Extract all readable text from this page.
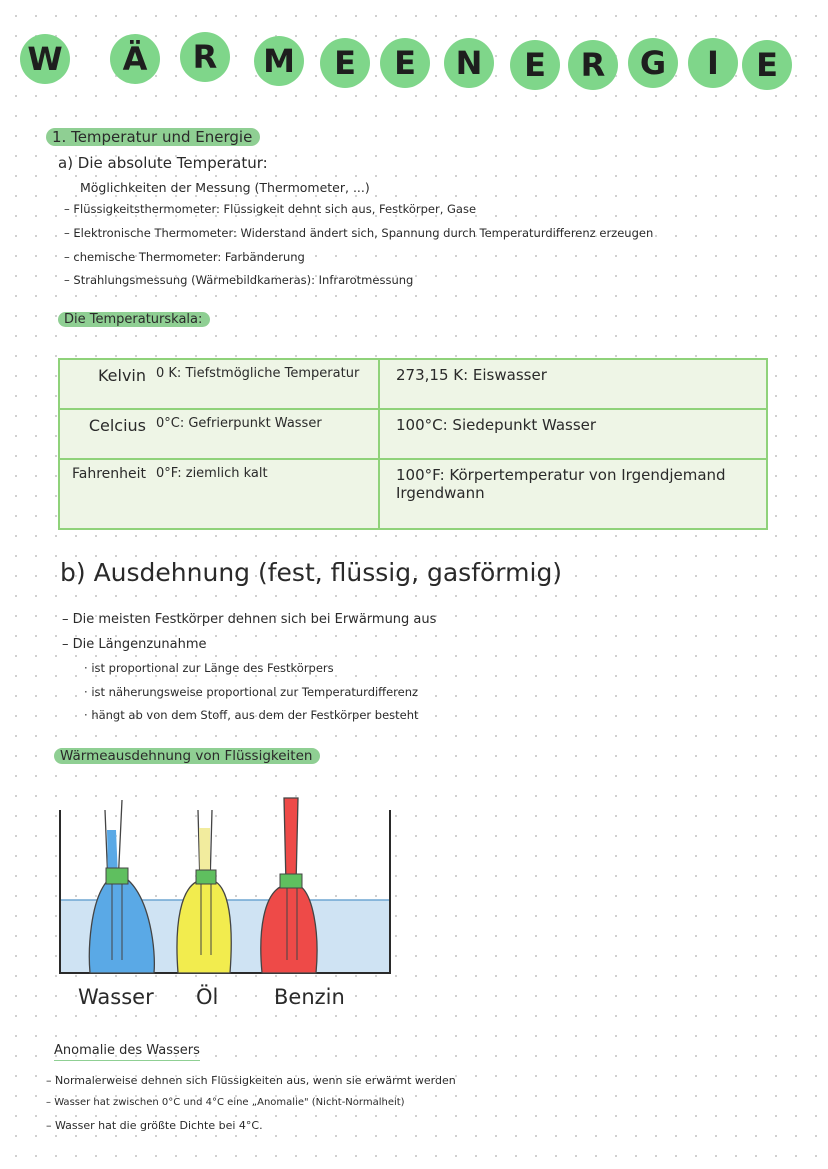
W Ä R M E E N E R G I E
1. Temperatur und Energie
a) Die absolute Temperatur:
Möglichkeiten der Messung (Thermometer, ...)
– Flüssigkeitsthermometer: Flüssigkeit dehnt sich aus, Festkörper, Gase
– Elektronische Thermometer: Widerstand ändert sich, Spannung durch Temperaturdifferenz erzeugen
– chemische Thermometer: Farbänderung
– Strahlungsmessung (Wärmebildkameras): Infrarotmessung
Die Temperaturskala:
Kelvin	0 K: Tiefstmögliche Temperatur	273,15 K: Eiswasser
Celcius	0°C: Gefrierpunkt Wasser	100°C: Siedepunkt Wasser
Fahrenheit	0°F: ziemlich kalt	100°F: Körpertemperatur von Irgendjemand Irgendwann
b) Ausdehnung (fest, flüssig, gasförmig)
– Die meisten Festkörper dehnen sich bei Erwärmung aus
– Die Längenzunahme
· ist proportional zur Länge des Festkörpers
· ist näherungsweise proportional zur Temperaturdifferenz
· hängt ab von dem Stoff, aus dem der Festkörper besteht
Wärmeausdehnung von Flüssigkeiten
Wasser Öl	Benzin
Anomalie des Wassers
– Normalerweise dehnen sich Flüssigkeiten aus, wenn sie erwärmt werden
– Wasser hat zwischen 0°C und 4°C eine „Anomalie" (Nicht-Normalheit)
– Wasser hat die größte Dichte bei 4°C.
